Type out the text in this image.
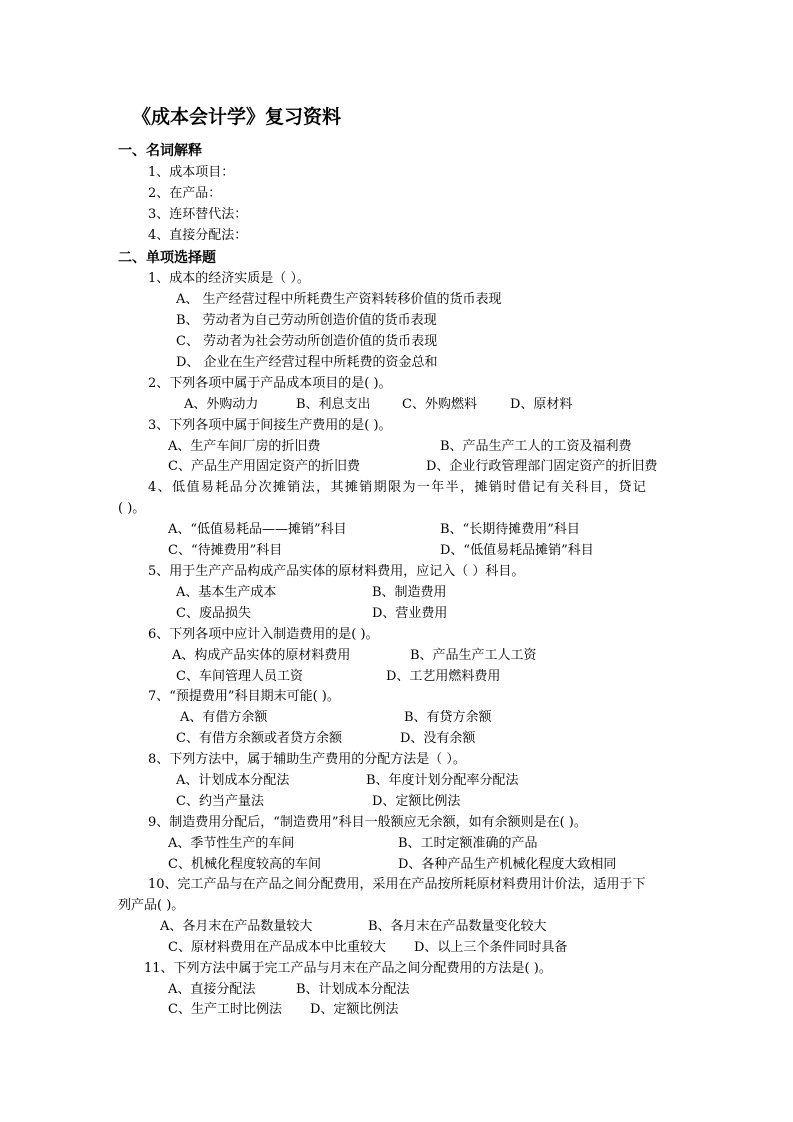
《成本会计学》复习资料
一、名词解释
1、成本项目：
2、在产品：
3、连环替代法：
4、直接分配法：
二、单项选择题
1、成本的经济实质是（ ）。
A、 生产经营过程中所耗费生产资料转移价值的货币表现
B、 劳动者为自己劳动所创造价值的货币表现
C、 劳动者为社会劳动所创造价值的货币表现
D、 企业在生产经营过程中所耗费的资金总和
2、下列各项中属于产品成本项目的是( )。
A、外购动力	B、利息支出 C、外购燃料	D、原材料
3、下列各项中属于间接生产费用的是( )。
A、生产车间厂房的折旧费	B、产品生产工人的工资及福利费
C、产品生产用固定资产的折旧费	D、企业行政管理部门固定资产的折旧费
4、低值易耗品分次摊销法，其摊销期限为一年半，摊销时借记有关科目，贷记
( )。
A、“低值易耗品——摊销”科目	B、“长期待摊费用”科目
C、“待摊费用”科目	D、“低值易耗品摊销”科目
5、用于生产产品构成产品实体的原材料费用，应记入（ ）科目。
A、基本生产成本	B、制造费用
C、废品损失	D、营业费用
6、下列各项中应计入制造费用的是( )。
A、构成产品实体的原材料费用	B、产品生产工人工资
C、车间管理人员工资	D、工艺用燃料费用
7、“预提费用”科目期末可能( )。
A、有借方余额	B、有贷方余额
C、有借方余额或者贷方余额	D、没有余额
8、下列方法中，属于辅助生产费用的分配方法是（ ）。
A、计划成本分配法	B、年度计划分配率分配法
C、约当产量法	D、定额比例法
9、制造费用分配后，“制造费用”科目一般额应无余额，如有余额则是在( )。
A、季节性生产的车间	B、工时定额准确的产品
C、机械化程度较高的车间	D、各种产品生产机械化程度大致相同
10、完工产品与在产品之间分配费用，采用在产品按所耗原材料费用计价法，适用于下
列产品( )。
A、各月末在产品数量较大	B、各月末在产品数量变化较大
C、原材料费用在产品成本中比重较大 D、以上三个条件同时具备
11、下列方法中属于完工产品与月末在产品之间分配费用的方法是( )。
A、直接分配法	B、计划成本分配法
C、生产工时比例法 D、定额比例法
